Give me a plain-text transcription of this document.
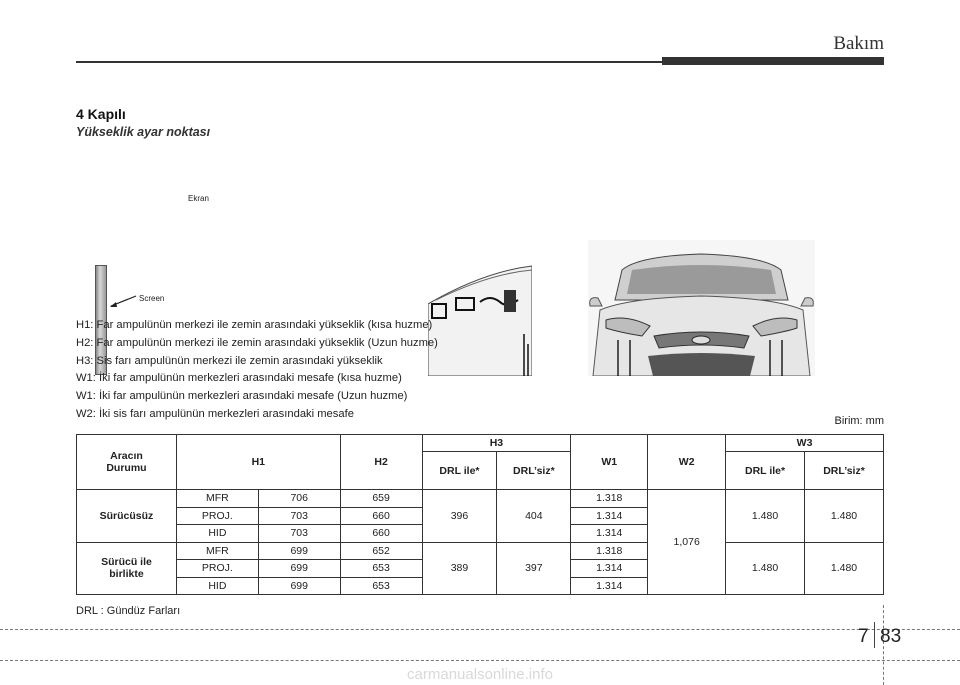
Bakım
4 Kapılı
Yükseklik ayar noktası
Ekran
Screen
H1: Far ampulünün merkezi ile zemin arasındaki yükseklik (kısa huzme)
H2: Far ampulünün merkezi ile zemin arasındaki yükseklik (Uzun huzme)
H3: Sis farı ampulünün merkezi ile zemin arasındaki yükseklik
W1: İki far ampulünün merkezleri arasındaki mesafe (kısa huzme)
W1: İki far ampulünün merkezleri arasındaki mesafe (Uzun huzme)
W2: İki sis farı ampulünün merkezleri arasındaki mesafe
Birim: mm
Aracın Durumu	H1		H2	H3		W1	W2	W3	
				DRL ile*	DRL’siz*			DRL ile*	DRL’siz*
Sürücüsüz	MFR	706	659	396	404	1.318	1,076	1.480	1.480
	PROJ.	703	660			1.314			
	HID	703	660			1.314			
Sürücü ile birlikte	MFR	699	652	389	397	1.318		1.480	1.480
	PROJ.	699	653			1.314			
	HID	699	653			1.314			
DRL : Gündüz Farları
7 83
carmanualsonline.info
